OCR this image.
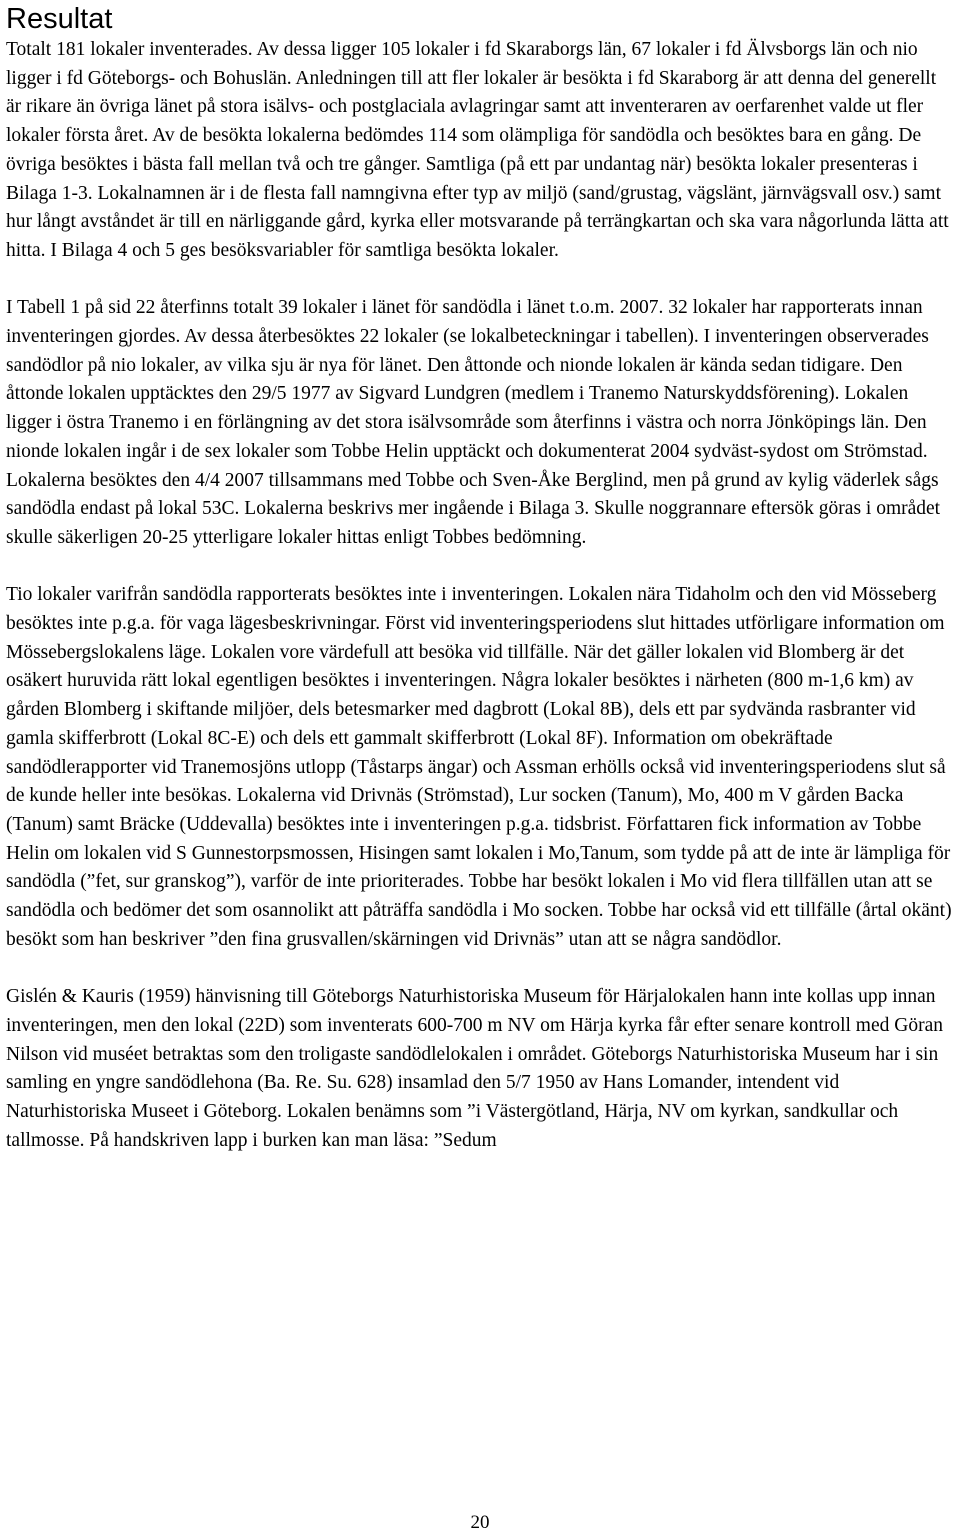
Resultat

Totalt 181 lokaler inventerades. Av dessa ligger 105 lokaler i fd Skaraborgs län, 67 lokaler i fd Älvsborgs län och nio ligger i fd Göteborgs- och Bohuslän. Anledningen till att fler lokaler är besökta i fd Skaraborg är att denna del generellt är rikare än övriga länet på stora isälvs- och postglaciala avlagringar samt att inventeraren av oerfarenhet valde ut fler lokaler första året. Av de besökta lokalerna bedömdes 114 som olämpliga för sandödla och besöktes bara en gång. De övriga besöktes i bästa fall mellan två och tre gånger. Samtliga (på ett par undantag när) besökta lokaler presenteras i Bilaga 1-3. Lokalnamnen är i de flesta fall namngivna efter typ av miljö (sand/grustag, vägslänt, järnvägsvall osv.) samt hur långt avståndet är till en närliggande gård, kyrka eller motsvarande på terrängkartan och ska vara någorlunda lätta att hitta. I Bilaga 4 och 5 ges besöksvariabler för samtliga besökta lokaler.

I Tabell 1 på sid 22 återfinns totalt 39 lokaler i länet för sandödla i länet t.o.m. 2007. 32 lokaler har rapporterats innan inventeringen gjordes. Av dessa återbesöktes 22 lokaler (se lokalbeteckningar i tabellen). I inventeringen observerades sandödlor på nio lokaler, av vilka sju är nya för länet. Den åttonde och nionde lokalen är kända sedan tidigare. Den åttonde lokalen upptäcktes den 29/5 1977 av Sigvard Lundgren (medlem i Tranemo Naturskyddsförening). Lokalen ligger i östra Tranemo i en förlängning av det stora isälvsområde som återfinns i västra och norra Jönköpings län. Den nionde lokalen ingår i de sex lokaler som Tobbe Helin upptäckt och dokumenterat 2004 sydväst-sydost om Strömstad. Lokalerna besöktes den 4/4 2007 tillsammans med Tobbe och Sven-Åke Berglind, men på grund av kylig väderlek sågs sandödla endast på lokal 53C. Lokalerna beskrivs mer ingående i Bilaga 3. Skulle noggrannare eftersök göras i området skulle säkerligen 20-25 ytterligare lokaler hittas enligt Tobbes bedömning.

Tio lokaler varifrån sandödla rapporterats besöktes inte i inventeringen. Lokalen nära Tidaholm och den vid Mösseberg besöktes inte p.g.a. för vaga lägesbeskrivningar. Först vid inventeringsperiodens slut hittades utförligare information om Mössebergslokalens läge. Lokalen vore värdefull att besöka vid tillfälle. När det gäller lokalen vid Blomberg är det osäkert huruvida rätt lokal egentligen besöktes i inventeringen. Några lokaler besöktes i närheten (800 m-1,6 km) av gården Blomberg i skiftande miljöer, dels betesmarker med dagbrott (Lokal 8B), dels ett par sydvända rasbranter vid gamla skifferbrott (Lokal 8C-E) och dels ett gammalt skifferbrott (Lokal 8F). Information om obekräftade sandödlerapporter vid Tranemosjöns utlopp (Tåstarps ängar) och Assman erhölls också vid inventeringsperiodens slut så de kunde heller inte besökas. Lokalerna vid Drivnäs (Strömstad), Lur socken (Tanum), Mo, 400 m V gården Backa (Tanum) samt Bräcke (Uddevalla) besöktes inte i inventeringen p.g.a. tidsbrist. Författaren fick information av Tobbe Helin om lokalen vid S Gunnestorpsmossen, Hisingen samt lokalen i Mo,Tanum, som tydde på att de inte är lämpliga för sandödla (”fet, sur granskog”), varför de inte prioriterades. Tobbe har besökt lokalen i Mo vid flera tillfällen utan att se sandödla och bedömer det som osannolikt att påträffa sandödla i Mo socken. Tobbe har också vid ett tillfälle (årtal okänt) besökt som han beskriver ”den fina grusvallen/skärningen vid Drivnäs” utan att se några sandödlor.

Gislén & Kauris (1959) hänvisning till Göteborgs Naturhistoriska Museum för Härjalokalen hann inte kollas upp innan inventeringen, men den lokal (22D) som inventerats 600-700 m NV om Härja kyrka får efter senare kontroll med Göran Nilson vid muséet betraktas som den troligaste sandödlelokalen i området. Göteborgs Naturhistoriska Museum har i sin samling en yngre sandödlehona (Ba. Re. Su. 628) insamlad den 5/7 1950 av Hans Lomander, intendent vid Naturhistoriska Museet i Göteborg. Lokalen benämns som ”i Västergötland, Härja, NV om kyrkan, sandkullar och tallmosse. På handskriven lapp i burken kan man läsa: ”Sedum

20
